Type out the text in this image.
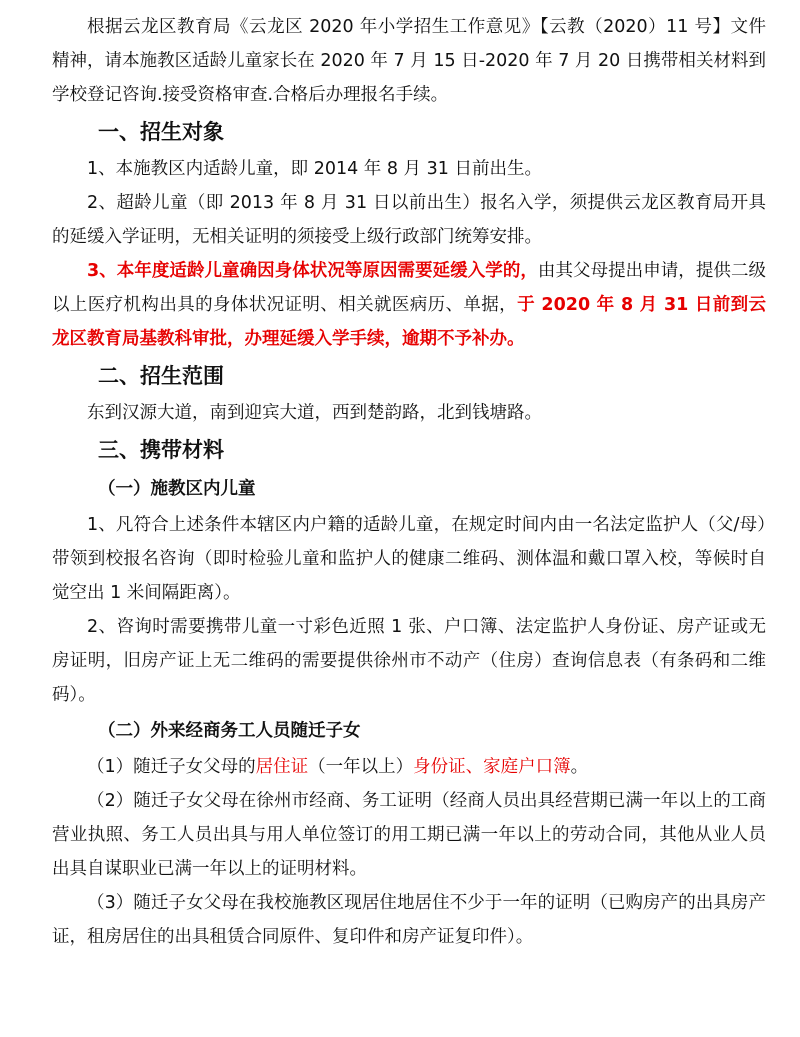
根据云龙区教育局《云龙区 2020 年小学招生工作意见》【云教（2020）11 号】文件精神，请本施教区适龄儿童家长在 2020 年 7 月 15 日-2020 年 7 月 20 日携带相关材料到学校登记咨询.接受资格审查.合格后办理报名手续。

一、招生对象

1、本施教区内适龄儿童，即 2014 年 8 月 31 日前出生。

2、超龄儿童（即 2013 年 8 月 31 日以前出生）报名入学，须提供云龙区教育局开具的延缓入学证明，无相关证明的须接受上级行政部门统筹安排。

3、本年度适龄儿童确因身体状况等原因需要延缓入学的，由其父母提出申请，提供二级以上医疗机构出具的身体状况证明、相关就医病历、单据，于 2020 年 8 月 31 日前到云龙区教育局基教科审批，办理延缓入学手续，逾期不予补办。

二、招生范围

东到汉源大道，南到迎宾大道，西到楚韵路，北到钱塘路。

三、携带材料
（一）施教区内儿童

1、凡符合上述条件本辖区内户籍的适龄儿童，在规定时间内由一名法定监护人（父/母）带领到校报名咨询（即时检验儿童和监护人的健康二维码、测体温和戴口罩入校，等候时自觉空出 1 米间隔距离）。

2、咨询时需要携带儿童一寸彩色近照 1 张、户口簿、法定监护人身份证、房产证或无房证明，旧房产证上无二维码的需要提供徐州市不动产（住房）查询信息表（有条码和二维码）。

（二）外来经商务工人员随迁子女

（1）随迁子女父母的居住证（一年以上）身份证、家庭户口簿。

（2）随迁子女父母在徐州市经商、务工证明（经商人员出具经营期已满一年以上的工商营业执照、务工人员出具与用人单位签订的用工期已满一年以上的劳动合同，其他从业人员出具自谋职业已满一年以上的证明材料。

（3）随迁子女父母在我校施教区现居住地居住不少于一年的证明（已购房产的出具房产证，租房居住的出具租赁合同原件、复印件和房产证复印件）。
